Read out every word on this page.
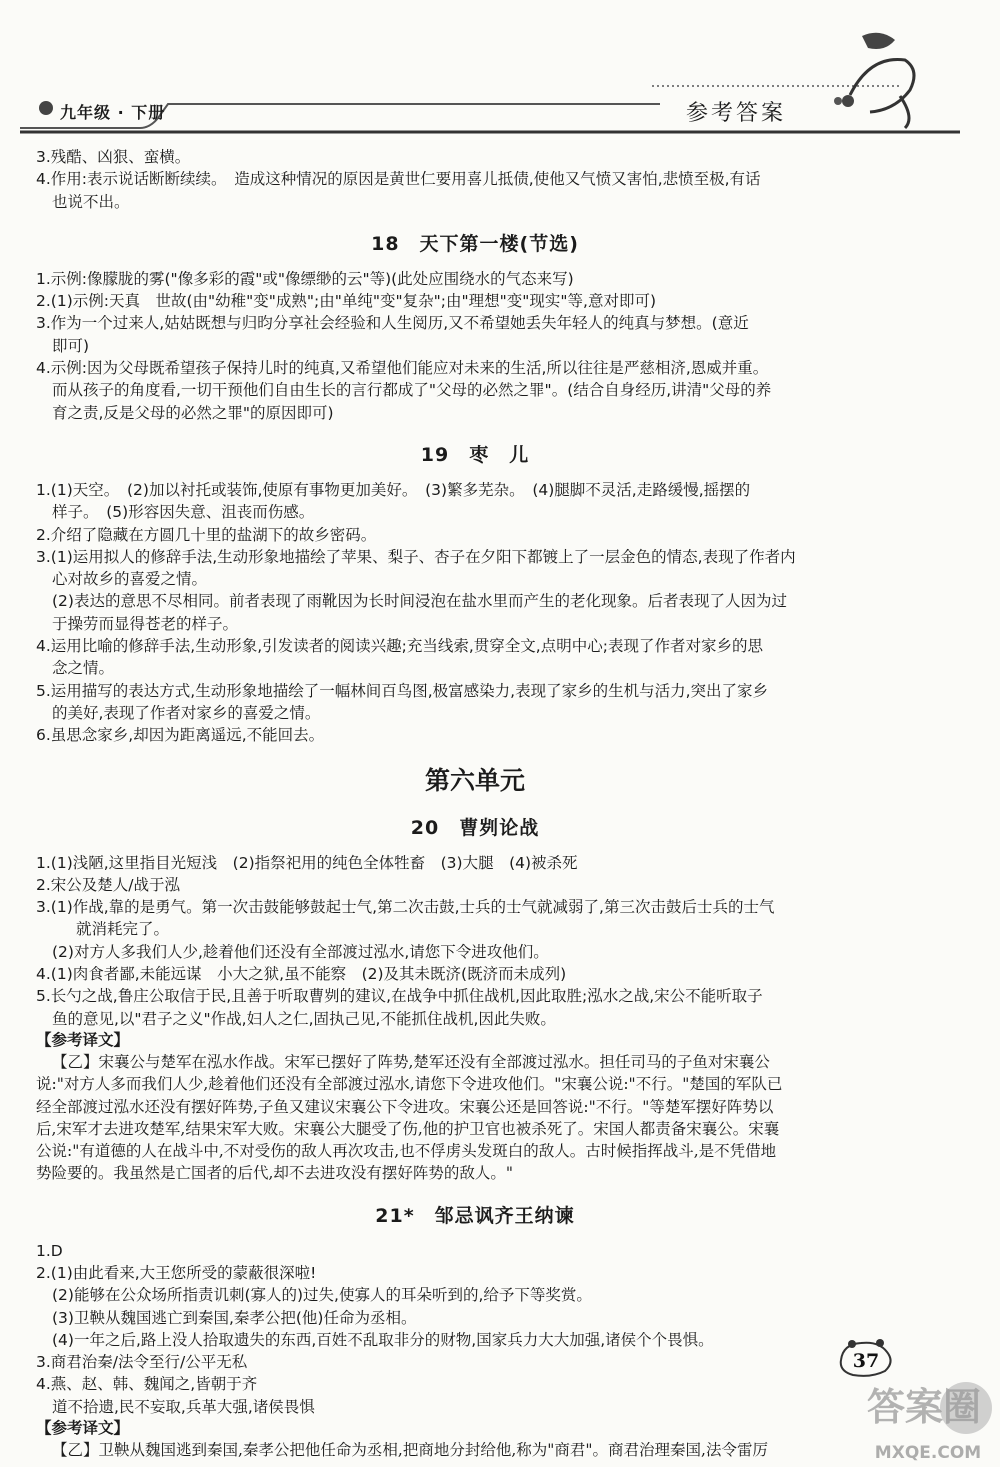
九年级 · 下册	参考答案
3.残酷、凶狠、蛮横。
4.作用:表示说话断断续续。　造成这种情况的原因是黄世仁要用喜儿抵债,使他又气愤又害怕,悲愤至极,有话
也说不出。
18　天下第一楼(节选)
1.示例:像朦胧的雾("像多彩的霞"或"像缥缈的云"等)(此处应围绕水的气态来写)
2.(1)示例:天真　世故(由"幼稚"变"成熟";由"单纯"变"复杂";由"理想"变"现实"等,意对即可)
3.作为一个过来人,姑姑既想与归昀分享社会经验和人生阅历,又不希望她丢失年轻人的纯真与梦想。(意近
即可)
4.示例:因为父母既希望孩子保持儿时的纯真,又希望他们能应对未来的生活,所以往往是严慈相济,恩威并重。
而从孩子的角度看,一切干预他们自由生长的言行都成了"父母的必然之罪"。(结合自身经历,讲清"父母的养
育之责,反是父母的必然之罪"的原因即可)
19　枣　儿
1.(1)天空。　(2)加以衬托或装饰,使原有事物更加美好。　(3)繁多芜杂。　(4)腿脚不灵活,走路缓慢,摇摆的
样子。　(5)形容因失意、沮丧而伤感。
2.介绍了隐藏在方圆几十里的盐湖下的故乡密码。
3.(1)运用拟人的修辞手法,生动形象地描绘了苹果、梨子、杏子在夕阳下都镀上了一层金色的情态,表现了作者内
心对故乡的喜爱之情。
(2)表达的意思不尽相同。前者表现了雨靴因为长时间浸泡在盐水里而产生的老化现象。后者表现了人因为过
于操劳而显得苍老的样子。
4.运用比喻的修辞手法,生动形象,引发读者的阅读兴趣;充当线索,贯穿全文,点明中心;表现了作者对家乡的思
念之情。
5.运用描写的表达方式,生动形象地描绘了一幅林间百鸟图,极富感染力,表现了家乡的生机与活力,突出了家乡
的美好,表现了作者对家乡的喜爱之情。
6.虽思念家乡,却因为距离遥远,不能回去。
第六单元
20　曹刿论战
1.(1)浅陋,这里指目光短浅　(2)指祭祀用的纯色全体牲畜　(3)大腿　(4)被杀死
2.宋公及楚人/战于泓
3.(1)作战,靠的是勇气。第一次击鼓能够鼓起士气,第二次击鼓,士兵的士气就减弱了,第三次击鼓后士兵的士气
就消耗完了。
(2)对方人多我们人少,趁着他们还没有全部渡过泓水,请您下令进攻他们。
4.(1)肉食者鄙,未能远谋　小大之狱,虽不能察　(2)及其未既济(既济而未成列)
5.长勺之战,鲁庄公取信于民,且善于听取曹刿的建议,在战争中抓住战机,因此取胜;泓水之战,宋公不能听取子
鱼的意见,以"君子之义"作战,妇人之仁,固执己见,不能抓住战机,因此失败。
【参考译文】
【乙】宋襄公与楚军在泓水作战。宋军已摆好了阵势,楚军还没有全部渡过泓水。担任司马的子鱼对宋襄公
说:"对方人多而我们人少,趁着他们还没有全部渡过泓水,请您下令进攻他们。"宋襄公说:"不行。"楚国的军队已
经全部渡过泓水还没有摆好阵势,子鱼又建议宋襄公下令进攻。宋襄公还是回答说:"不行。"等楚军摆好阵势以
后,宋军才去进攻楚军,结果宋军大败。宋襄公大腿受了伤,他的护卫官也被杀死了。宋国人都责备宋襄公。宋襄
公说:"有道德的人在战斗中,不对受伤的敌人再次攻击,也不俘虏头发斑白的敌人。古时候指挥战斗,是不凭借地
势险要的。我虽然是亡国者的后代,却不去进攻没有摆好阵势的敌人。"
21*　邹忌讽齐王纳谏
1.D
2.(1)由此看来,大王您所受的蒙蔽很深啦!
(2)能够在公众场所指责讥刺(寡人的)过失,使寡人的耳朵听到的,给予下等奖赏。
(3)卫鞅从魏国逃亡到秦国,秦孝公把(他)任命为丞相。
(4)一年之后,路上没人拾取遗失的东西,百姓不乱取非分的财物,国家兵力大大加强,诸侯个个畏惧。
3.商君治秦/法令至行/公平无私
4.燕、赵、韩、魏闻之,皆朝于齐
道不拾遗,民不妄取,兵革大强,诸侯畏惧
【参考译文】
【乙】卫鞅从魏国逃到秦国,秦孝公把他任命为丞相,把商地分封给他,称为"商君"。商君治理秦国,法令雷厉
37
答案圈
MXQE.COM
